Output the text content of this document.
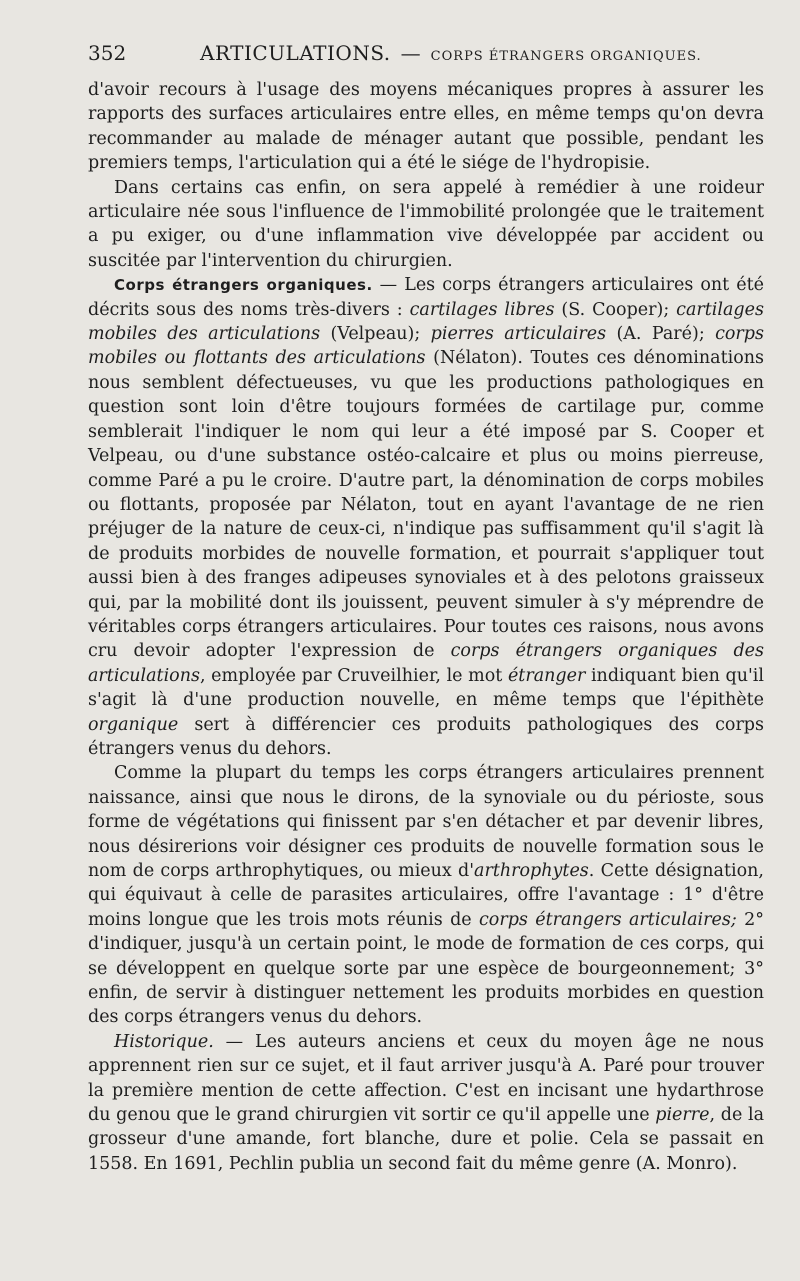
352	ARTICULATIONS. — CORPS ÉTRANGERS ORGANIQUES.

d'avoir recours à l'usage des moyens mécaniques propres à assurer les rapports des surfaces articulaires entre elles, en même temps qu'on devra recommander au malade de ménager autant que possible, pendant les premiers temps, l'articulation qui a été le siége de l'hydropisie.

Dans certains cas enfin, on sera appelé à remédier à une roideur articulaire née sous l'influence de l'immobilité prolongée que le traitement a pu exiger, ou d'une inflammation vive développée par accident ou suscitée par l'intervention du chirurgien.

Corps étrangers organiques. — Les corps étrangers articulaires ont été décrits sous des noms très-divers : cartilages libres (S. Cooper); cartilages mobiles des articulations (Velpeau); pierres articulaires (A. Paré); corps mobiles ou flottants des articulations (Nélaton). Toutes ces dénominations nous semblent défectueuses, vu que les productions pathologiques en question sont loin d'être toujours formées de cartilage pur, comme semblerait l'indiquer le nom qui leur a été imposé par S. Cooper et Velpeau, ou d'une substance ostéo-calcaire et plus ou moins pierreuse, comme Paré a pu le croire. D'autre part, la dénomination de corps mobiles ou flottants, proposée par Nélaton, tout en ayant l'avantage de ne rien préjuger de la nature de ceux-ci, n'indique pas suffisamment qu'il s'agit là de produits morbides de nouvelle formation, et pourrait s'appliquer tout aussi bien à des franges adipeuses synoviales et à des pelotons graisseux qui, par la mobilité dont ils jouissent, peuvent simuler à s'y méprendre de véritables corps étrangers articulaires. Pour toutes ces raisons, nous avons cru devoir adopter l'expression de corps étrangers organiques des articulations, employée par Cruveilhier, le mot étranger indiquant bien qu'il s'agit là d'une production nouvelle, en même temps que l'épithète organique sert à différencier ces produits pathologiques des corps étrangers venus du dehors.

Comme la plupart du temps les corps étrangers articulaires prennent naissance, ainsi que nous le dirons, de la synoviale ou du périoste, sous forme de végétations qui finissent par s'en détacher et par devenir libres, nous désirerions voir désigner ces produits de nouvelle formation sous le nom de corps arthrophytiques, ou mieux d'arthrophytes. Cette désignation, qui équivaut à celle de parasites articulaires, offre l'avantage : 1° d'être moins longue que les trois mots réunis de corps étrangers articulaires; 2° d'indiquer, jusqu'à un certain point, le mode de formation de ces corps, qui se développent en quelque sorte par une espèce de bourgeonnement; 3° enfin, de servir à distinguer nettement les produits morbides en question des corps étrangers venus du dehors.

Historique. — Les auteurs anciens et ceux du moyen âge ne nous apprennent rien sur ce sujet, et il faut arriver jusqu'à A. Paré pour trouver la première mention de cette affection. C'est en incisant une hydarthrose du genou que le grand chirurgien vit sortir ce qu'il appelle une pierre, de la grosseur d'une amande, fort blanche, dure et polie. Cela se passait en 1558. En 1691, Pechlin publia un second fait du même genre (A. Monro).
